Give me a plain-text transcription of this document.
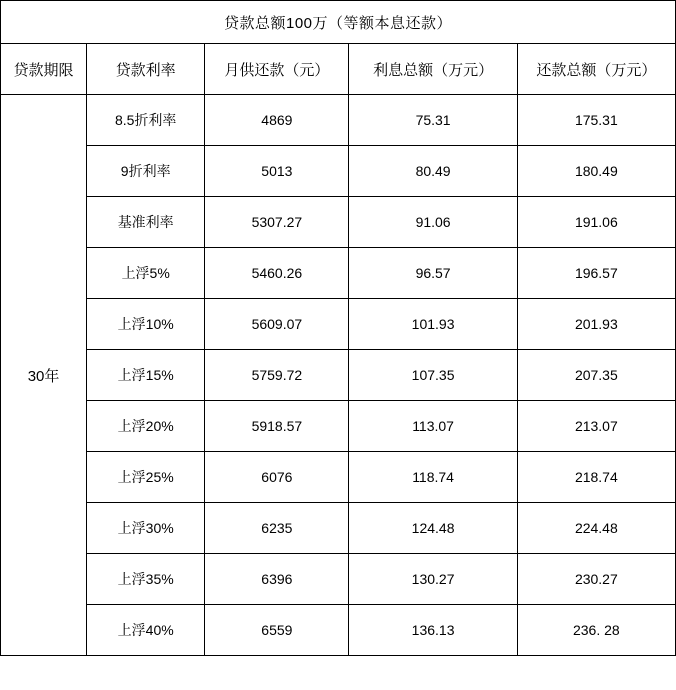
贷款总额100万（等额本息还款）				
贷款期限	贷款利率	月供还款（元）	利息总额（万元）	还款总额（万元）
30年	8.5折利率	4869	75.31	175.31
	9折利率	5013	80.49	180.49
	基准利率	5307.27	91.06	191.06
	上浮5%	5460.26	96.57	196.57
	上浮10%	5609.07	101.93	201.93
	上浮15%	5759.72	107.35	207.35
	上浮20%	5918.57	113.07	213.07
	上浮25%	6076	118.74	218.74
	上浮30%	6235	124.48	224.48
	上浮35%	6396	130.27	230.27
	上浮40%	6559	136.13	236. 28
